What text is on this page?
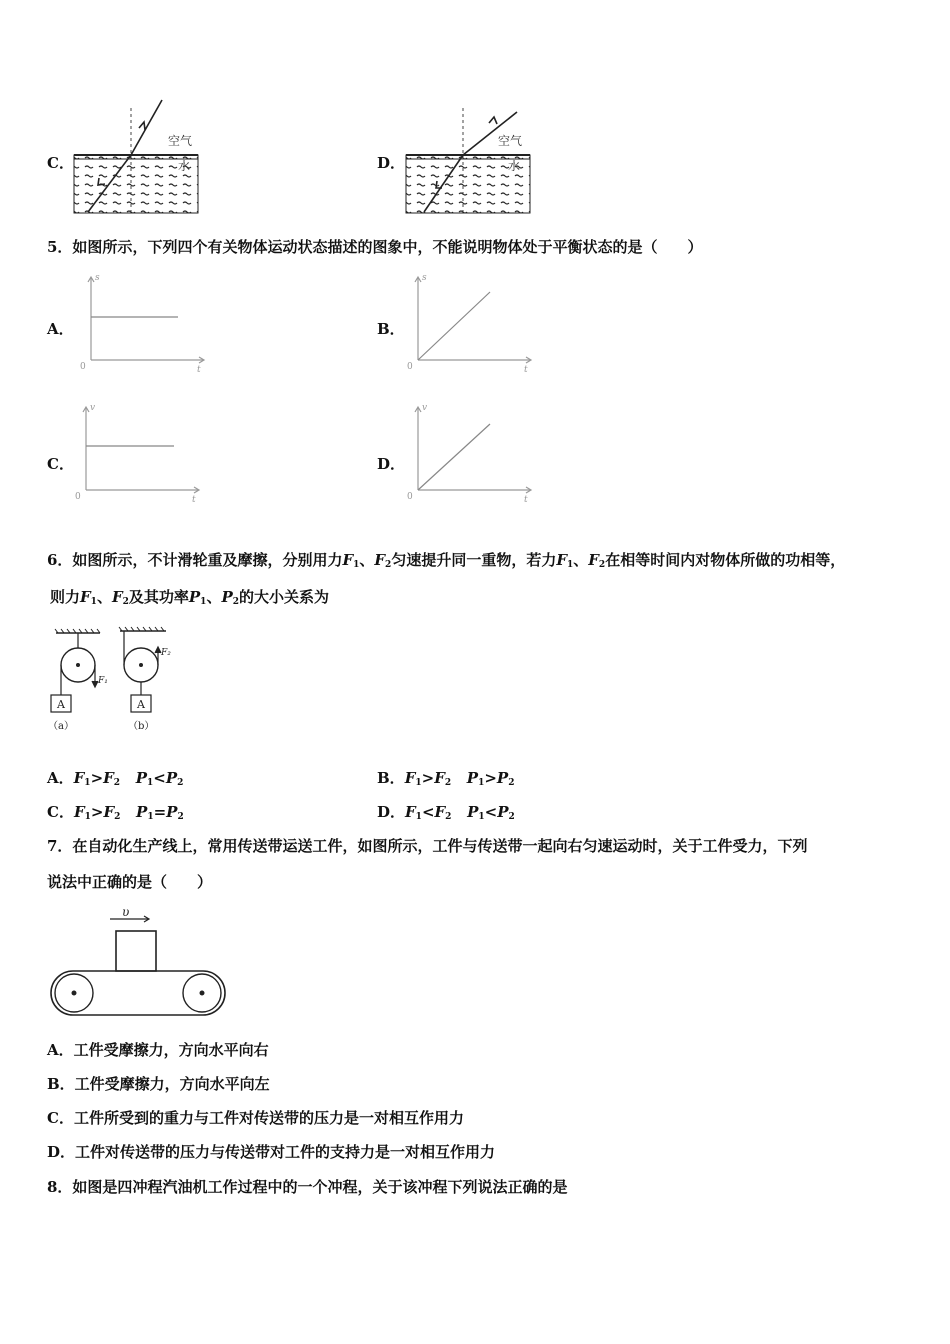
C．
空气
水	D．
空气
水
5．如图所示，下列四个有关物体运动状态描述的图象中，不能说明物体处于平衡状态的是（　　）
A．
s
t
0
B．
s
t
0
C．
v
t
0
D．
v
t
0
6．如图所示，不计滑轮重及摩擦，分别用力$F_1$、$F_2$匀速提升同一重物，若力$F_1$、$F_2$在相等时间内对物体所做的功相等，
则力$F_1$、$F_2$及其功率$P_1$、$P_2$的大小关系为
F₁
A
（a）
F₂
A
（b）
A．$F_1>F_2$ $P_1<P_2$	B．$F_1>F_2$ $P_1>P_2$
C．$F_1>F_2$ $P_1=P_2$	D．$F_1<F_2$ $P_1<P_2$
7．在自动化生产线上，常用传送带运送工件，如图所示，工件与传送带一起向右匀速运动时，关于工件受力，下列
说法中正确的是（　　）
υ
A．工件受摩擦力，方向水平向右
B．工件受摩擦力，方向水平向左
C．工件所受到的重力与工件对传送带的压力是一对相互作用力
D．工件对传送带的压力与传送带对工件的支持力是一对相互作用力
8．如图是四冲程汽油机工作过程中的一个冲程，关于该冲程下列说法正确的是
